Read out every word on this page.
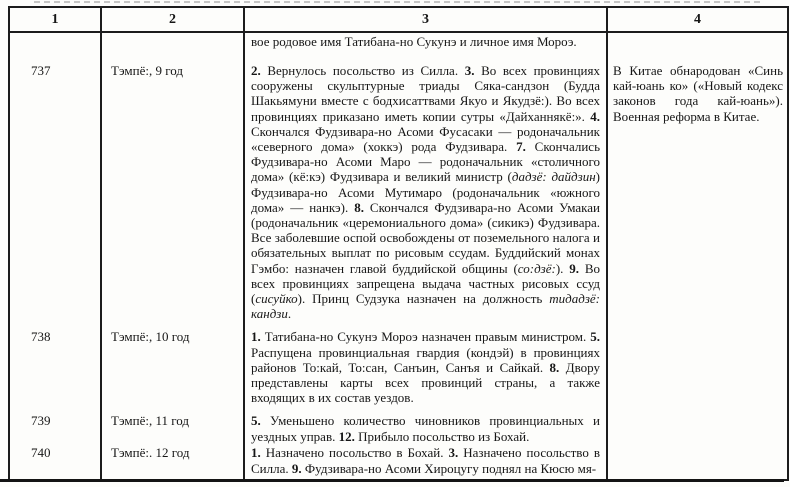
1	2	3	4
		вое родовое имя Татибана-но Сукунэ и личное имя Мороэ.	
737	Тэмпё:, 9 год	2. Вернулось посольство из Силла. 3. Во всех провинциях сооружены скульптурные триады Сяка-сандзон (Будда Шакьямуни вместе с бодхисаттвами Якуо и Якудзё:). Во всех провинциях приказано иметь копии сутры «Дайханнякё:». 4. Скончался Фудзивара-но Асоми Фусасаки — родоначальник «северного дома» (хоккэ) рода Фудзивара. 7. Скончались Фудзивара-но Асоми Маро — родоначальник «столичного дома» (кё:кэ) Фудзивара и великий министр (дадзё: дайдзин) Фудзивара-но Асоми Мутимаро (родоначальник «южного дома» — нанкэ). 8. Скончался Фудзивара-но Асоми Умакаи (родоначальник «церемониального дома» (сикикэ) Фудзивара. Все заболевшие оспой освобождены от поземельного налога и обязательных выплат по рисовым ссудам. Буддийский монах Гэмбо: назначен главой буддийской общины (со:дзё:). 9. Во всех провинциях запрещена выдача частных рисовых ссуд (сисуйко). Принц Судзука назначен на должность тидадзё: кандзи.	В Китае обнародован «Синь кай-юань ко» («Новый кодекс законов года кай-юань»). Военная реформа в Китае.
738	Тэмпё:, 10 год	1. Татибана-но Сукунэ Мороэ назначен правым министром. 5. Распущена провинциальная гвардия (кондэй) в провинциях районов То:кай, То:сан, Санъин, Санъя и Сайкай. 8. Двору представлены карты всех провинций страны, а также входящих в их состав уездов.	
739	Тэмпё:, 11 год	5. Уменьшено количество чиновников провинциальных и уездных управ. 12. Прибыло посольство из Бохай.	
740	Тэмпё:. 12 год	1. Назначено посольство в Бохай. 3. Назначено посольство в Силла. 9. Фудзивара-но Асоми Хироцугу поднял на Кюсю мя-	
